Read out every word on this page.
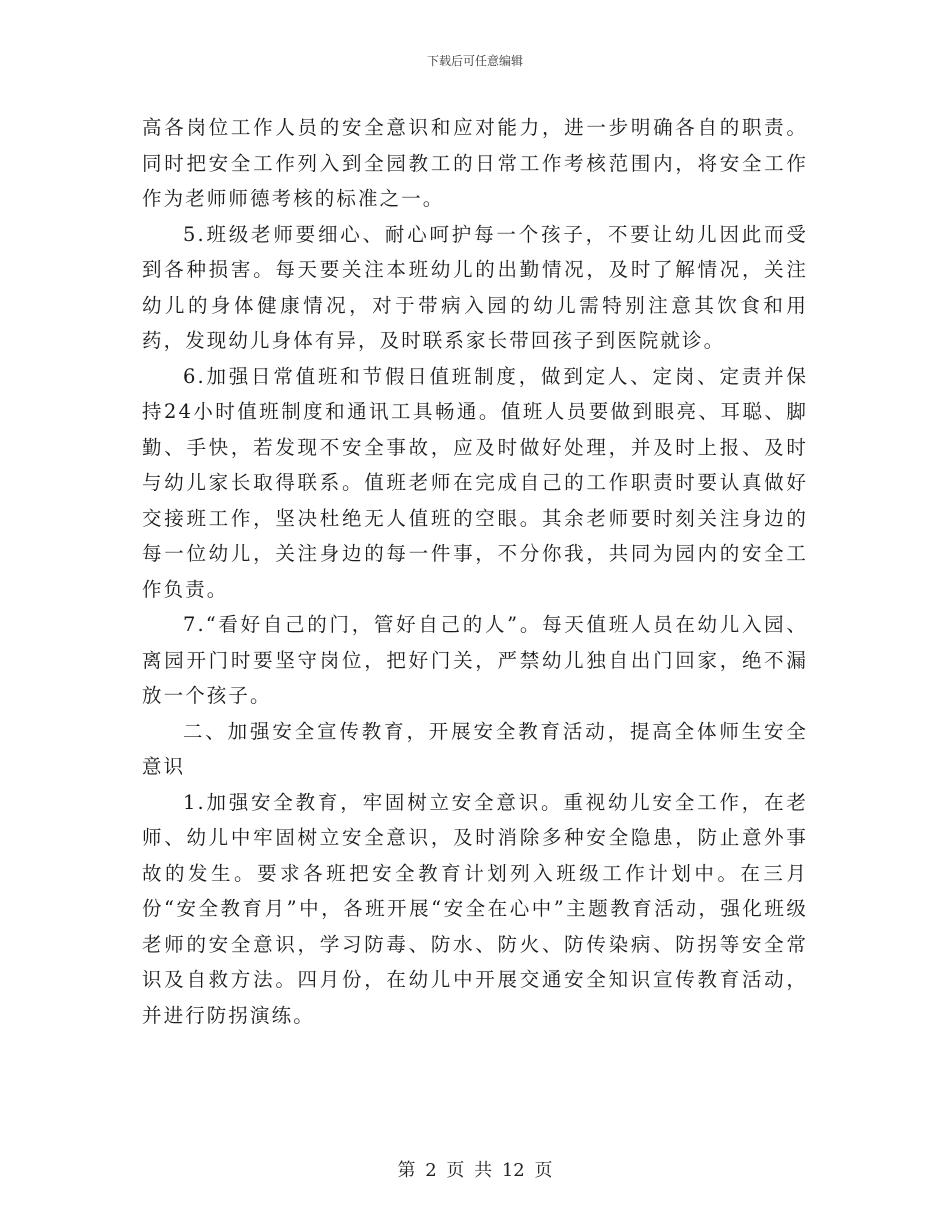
下载后可任意编辑

高各岗位工作人员的安全意识和应对能力，进一步明确各自的职责。同时把安全工作列入到全园教工的日常工作考核范围内，将安全工作作为老师师德考核的标准之一。

5.班级老师要细心、耐心呵护每一个孩子，不要让幼儿因此而受到各种损害。每天要关注本班幼儿的出勤情况，及时了解情况，关注幼儿的身体健康情况，对于带病入园的幼儿需特别注意其饮食和用药，发现幼儿身体有异，及时联系家长带回孩子到医院就诊。

6.加强日常值班和节假日值班制度，做到定人、定岗、定责并保持24小时值班制度和通讯工具畅通。值班人员要做到眼亮、耳聪、脚勤、手快，若发现不安全事故，应及时做好处理，并及时上报、及时与幼儿家长取得联系。值班老师在完成自己的工作职责时要认真做好交接班工作，坚决杜绝无人值班的空眼。其余老师要时刻关注身边的每一位幼儿，关注身边的每一件事，不分你我，共同为园内的安全工作负责。

7.“看好自己的门，管好自己的人”。每天值班人员在幼儿入园、离园开门时要坚守岗位，把好门关，严禁幼儿独自出门回家，绝不漏放一个孩子。

二、加强安全宣传教育，开展安全教育活动，提高全体师生安全意识

1.加强安全教育，牢固树立安全意识。重视幼儿安全工作，在老师、幼儿中牢固树立安全意识，及时消除多种安全隐患，防止意外事故的发生。要求各班把安全教育计划列入班级工作计划中。在三月份“安全教育月”中，各班开展“安全在心中”主题教育活动，强化班级老师的安全意识，学习防毒、防水、防火、防传染病、防拐等安全常识及自救方法。四月份，在幼儿中开展交通安全知识宣传教育活动，并进行防拐演练。

第 2 页 共 12 页
